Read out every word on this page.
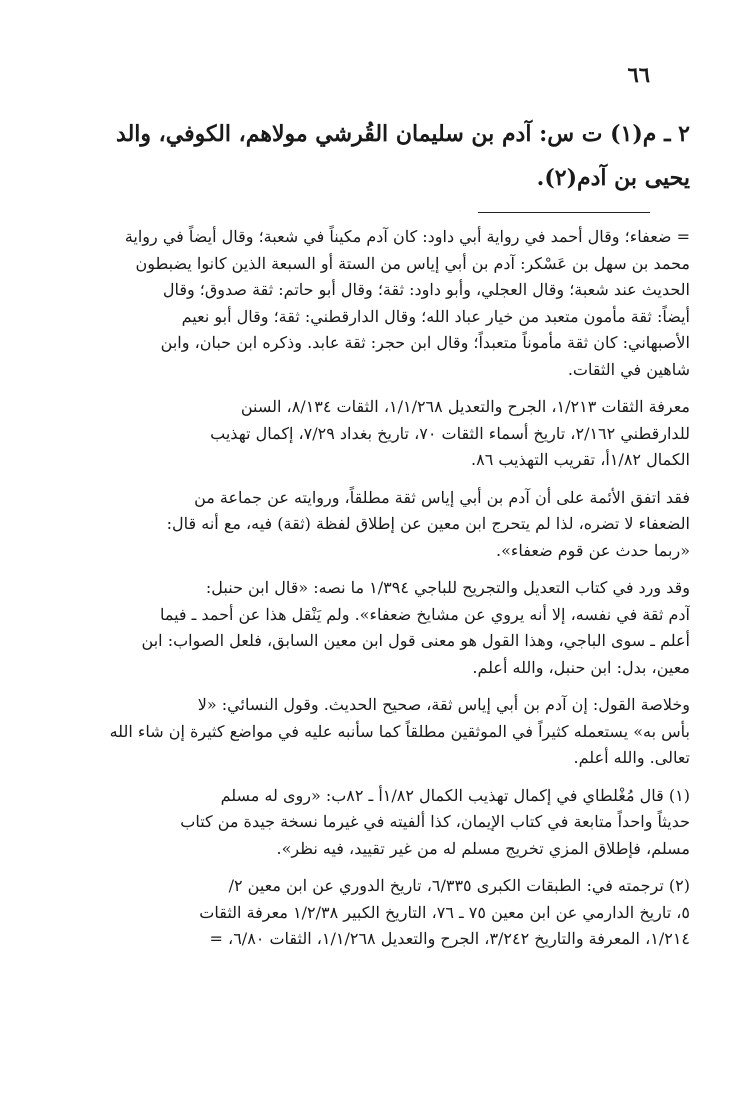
٦٦
٢ ـ م(١) ت س: آدم بن سليمان القُرشي مولاهم، الكوفي، والد
يحيى بن آدم(٢).
= ضعفاء؛ وقال أحمد في رواية أبي داود: كان آدم مكيناً في شعبة؛ وقال أيضاً في رواية
محمد بن سهل بن عَسْكر: آدم بن أبي إياس من الستة أو السبعة الذين كانوا يضبطون
الحديث عند شعبة؛ وقال العجلي، وأبو داود: ثقة؛ وقال أبو حاتم: ثقة صدوق؛ وقال
أيضاً: ثقة مأمون متعبد من خيار عباد الله؛ وقال الدارقطني: ثقة؛ وقال أبو نعيم
الأصبهاني: كان ثقة مأموناً متعبداً؛ وقال ابن حجر: ثقة عابد. وذكره ابن حبان، وابن
شاهين في الثقات.
معرفة الثقات ١/٢١٣، الجرح والتعديل ١/١/٢٦٨، الثقات ٨/١٣٤، السنن
للدارقطني ٢/١٦٢، تاريخ أسماء الثقات ٧٠، تاريخ بغداد ٧/٢٩، إكمال تهذيب
الكمال ١/٨٢أ، تقريب التهذيب ٨٦.
فقد اتفق الأئمة على أن آدم بن أبي إياس ثقة مطلقاً، وروايته عن جماعة من
الضعفاء لا تضره، لذا لم يتحرج ابن معين عن إطلاق لفظة (ثقة) فيه، مع أنه قال:
«ربما حدث عن قوم ضعفاء».
وقد ورد في كتاب التعديل والتجريح للباجي ١/٣٩٤ ما نصه: «قال ابن حنبل:
آدم ثقة في نفسه، إلا أنه يروي عن مشايخ ضعفاء». ولم يَنْقل هذا عن أحمد ـ فيما
أعلم ـ سوى الباجي، وهذا القول هو معنى قول ابن معين السابق، فلعل الصواب: ابن
معين، بدل: ابن حنبل، والله أعلم.
وخلاصة القول: إن آدم بن أبي إياس ثقة، صحيح الحديث. وقول النسائي: «لا
بأس به» يستعمله كثيراً في الموثقين مطلقاً كما سأنبه عليه في مواضع كثيرة إن شاء الله
تعالى. والله أعلم.
(١) قال مُغْلطاي في إكمال تهذيب الكمال ١/٨٢أ ـ ٨٢ب: «روى له مسلم
حديثاً واحداً متابعة في كتاب الإيمان، كذا ألفيته في غيرما نسخة جيدة من كتاب
مسلم، فإطلاق المزي تخريج مسلم له من غير تقييد، فيه نظر».
(٢) ترجمته في: الطبقات الكبرى ٦/٣٣٥، تاريخ الدوري عن ابن معين ٢/
٥، تاريخ الدارمي عن ابن معين ٧٥ ـ ٧٦، التاريخ الكبير ١/٢/٣٨ معرفة الثقات
١/٢١٤، المعرفة والتاريخ ٣/٢٤٢، الجرح والتعديل ١/١/٢٦٨، الثقات ٦/٨٠، =
